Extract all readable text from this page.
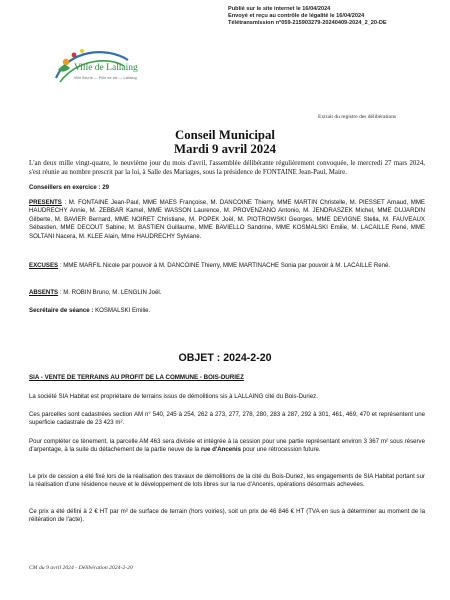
Publié sur le site internet le 16/04/2024
Envoyé et reçu au contrôle de légalité le 16/04/2024
Télétransmission n°059-215903279-20240409-2024_2_20-DE
Ville de Lallaing
Ville fleurie — Pôle de vie — Lallaing
Extrait du registre des délibérations
Conseil Municipal
Mardi 9 avril 2024
L'an deux mille vingt-quatre, le neuvième jour du mois d'avril, l'assemblée délibérante régulièrement convoquée, le mercredi 27 mars 2024, s'est réunie au nombre prescrit par la loi, à Salle des Mariages, sous la présidence de FONTAINE Jean-Paul, Maire.
Conseillers en exercice : 29
PRESENTS : M. FONTAINE Jean-Paul, MME MAES Françoise, M. DANCOINE Thierry, MME MARTIN Christelle, M. PIESSET Arnaud, MME HAUDRECHY Annie, M. ZEBBAR Kamel, MME WASSON Laurence, M. PROVENZANO Antonio, M. JENDRASZEK Michel, MME DUJARDIN Gilberte, M. BAVIER Bernard, MME NOIRET Christiane, M. POPEK Joël, M. PIOTROWSKI Georges, MME DEVIGNE Stella, M. FAUVEAUX Sébastien, MME DECOUT Sabine, M. BASTIEN Guillaume, MME BAVIELLO Sandrine, MME KOSMALSKI Emilie, M. LACAILLE René, MME SOLTANI Nacera, M. KLEE Alain, Mme HAUDRECHY Sylviane.
EXCUSES : MME MARFIL Nicole par pouvoir à M. DANCOINE Thierry, MME MARTINACHE Sonia par pouvoir à M. LACAILLE René.
ABSENTS : M. ROBIN Bruno, M. LENGLIN Joël.
Secrétaire de séance : KOSMALSKI Emilie.
OBJET : 2024-2-20
SIA - VENTE DE TERRAINS AU PROFIT DE LA COMMUNE - BOIS-DURIEZ
La société SIA Habitat est propriétaire de terrains issus de démolitions sis à LALLAING cité du Bois-Duriez.
Ces parcelles sont cadastrées section AM n° 540, 245 à 254, 262 à 273, 277, 278, 280, 283 à 287, 292 à 301, 461, 469, 470 et représentent une superficie cadastrale de 23 423 m².
Pour compléter ce tènement, la parcelle AM 463 sera divisée et intégrée à la cession pour une partie représentant environ 3 367 m² sous réserve d'arpentage, à la suite du détachement de la partie neuve de la rue d'Ancenis pour une rétrocession future.
Le prix de cession a été fixé lors de la réalisation des travaux de démolitions de la cité du Bois-Duriez, les engagements de SIA Habitat portant sur la réalisation d'une résidence neuve et le développement de lots libres sur la rue d'Ancenis, opérations désormais achevées.
Ce prix a été défini à 2 € HT par m² de surface de terrain (hors voiries), soit un prix de 46 846 € HT (TVA en sus à déterminer au moment de la réitération de l'acte).
CM du 9 avril 2024 - Délibération 2024-2-20
